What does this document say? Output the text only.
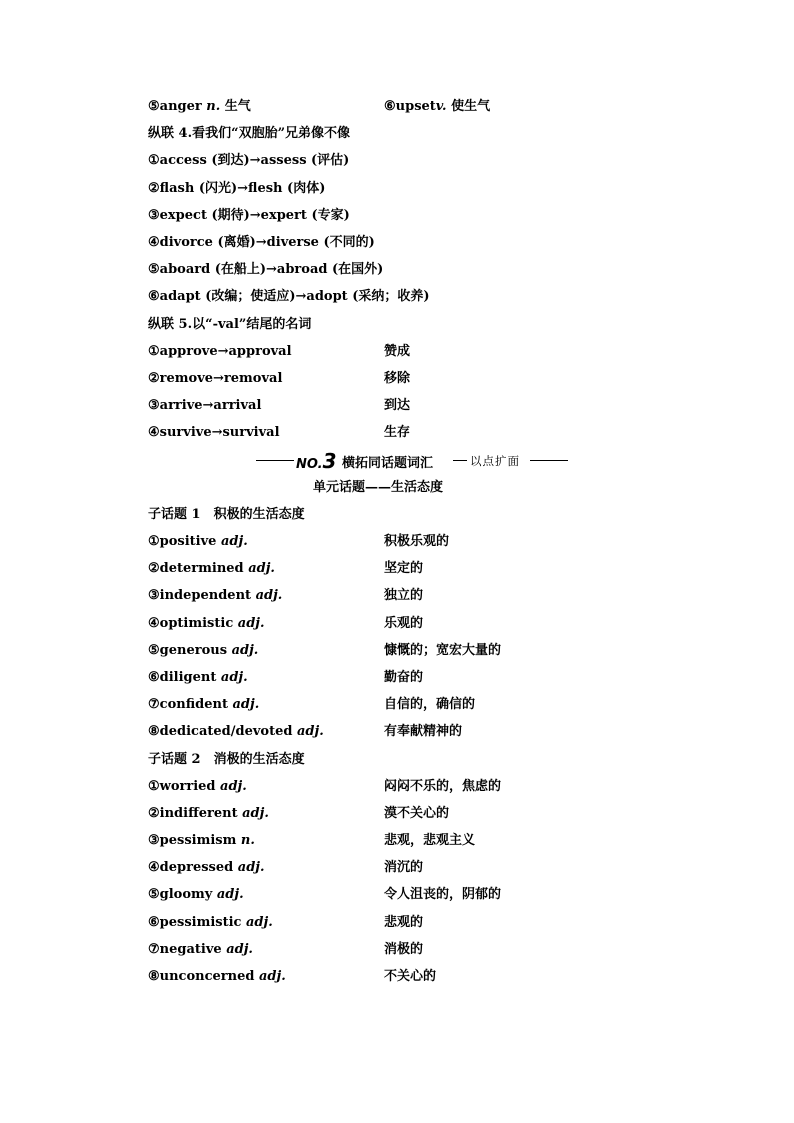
⑤anger n. 生气	⑥upsetv. 使生气
纵联 4.看我们“双胞胎”兄弟像不像
①access (到达)→assess (评估)
②flash (闪光)→flesh (肉体)
③expect (期待)→expert (专家)
④divorce (离婚)→diverse (不同的)
⑤aboard (在船上)→abroad (在国外)
⑥adapt (改编；使适应)→adopt (采纳；收养)
纵联 5.以“-val”结尾的名词
①approve→approval	赞成
②remove→removal	移除
③arrive→arrival	到达
④survive→survival	生存
NO.3 横拓同话题词汇	以点扩面
单元话题——生活态度
子话题 1　积极的生活态度
①positive adj.	积极乐观的
②determined adj.	坚定的
③independent adj.	独立的
④optimistic adj.	乐观的
⑤generous adj.	慷慨的；宽宏大量的
⑥diligent adj.	勤奋的
⑦confident adj.	自信的，确信的
⑧dedicated/devoted adj.	有奉献精神的
子话题 2　消极的生活态度
①worried adj.	闷闷不乐的，焦虑的
②indifferent adj.	漠不关心的
③pessimism n.	悲观，悲观主义
④depressed adj.	消沉的
⑤gloomy adj.	令人沮丧的，阴郁的
⑥pessimistic adj.	悲观的
⑦negative adj.	消极的
⑧unconcerned adj.	不关心的
